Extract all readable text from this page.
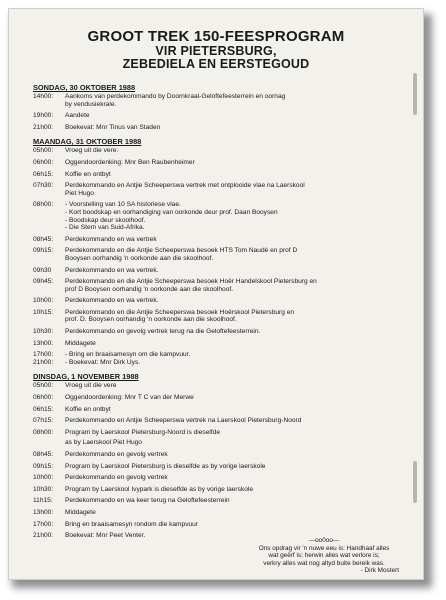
GROOT TREK 150-FEESPROGRAM
VIR PIETERSBURG,
ZEBEDIELA EN EERSTEGOUD
SONDAG, 30 OKTOBER 1988
14h00:	Aankoms van perdekommando by Doornkraal-Geloftefeesterrein en oornag
by vendusiekrale.
19h00:	Aandete
21h00:	Boekevat: Mnr Tinus van Staden
MAANDAG, 31 OKTOBER 1988
05h00:	Vroeg uit die vere.
06h00:	Oggendoordenking: Mnr Ben Raubenheimer
06h15:	Koffie en ontbyt
07h30:	Perdekommando en Antjie Scheeperswa vertrek met ontplooide vlae na Laerskool
Piet Hugo
08h00:
-	Voorstelling van 10 SA historiese vlae.
- Kort boodskap en oorhandiging van oorkonde deur prof. Daan Booysen
- Boodskap deur skoolhoof.
- Die Stem van Suid-Afrika.
08h45:	Perdekommando en wa vertrek
09h15:	Perdekommando en die Antjie Scheeperswa besoek HTS Tom Naudé en prof D
Booysen oorhandig 'n oorkonde aan die skoolhoof.
09h30	Perdekommando en wa vertrek.
09h45:	Perdekommando en die Antjie Scheeperswa besoek Hoër Handelskool Pietersburg en
prof D Booysen oorhandig 'n oorkonde aan die skoolhoof.
10h00:	Perdekommando en wa vertrek.
10h15:	Perdekommando en die Antjie Scheeperswa besoek Hoërskool Pietersburg en
prof. D. Booysen oorhandig 'n oorkonde aan die skoolhoof.
10h30:	Perdekommando en gevolg vertrek terug na die Geloftefeesterrein.
13h00:	Middagete
17h00:	- Bring en braaisamesyn om die kampvuur.
21h00:	- Boekevat: Mnr Dirk Uys.
DINSDAG, 1 NOVEMBER 1988
05h00:	Vroeg uit die vere
06h00:	Oggendoordenking: Mnr T C van der Merwe
06h15:	Koffie en ontbyt
07h15:	Perdekommando en Antjie Scheeperswa vertrek na Laerskool Pietersburg-Noord
08h00:	Program by Laerskool Pietersburg-Noord is dieselfde
as by Laerskool Piet Hugo
08h45:	Perdekommando en gevolg vertrek
09h15:	Program by Laerskool Pietersburg is dieselfde as by vorige laerskole
10h00:	Perdekommando en gevolg vertrek
10h30:	Program by Laerskool Ivypark is dieselfde as by vorige laerskole
11h15:	Perdekommando en wa keer terug na Geloftefeesterrein
13h00:	Middagete
17h00:	Bring en braaisamesyn rondom die kampvuur
21h00:	Boekevat: Mnr Peet Venter.
---oo0oo---
Ons opdrag vir 'n nuwe eeu is: Handhaaf alles
wat geërf is; herwin alles wat verlore is;
verkry alles wat nog altyd buite bereik was.
- Dirk Mostert
